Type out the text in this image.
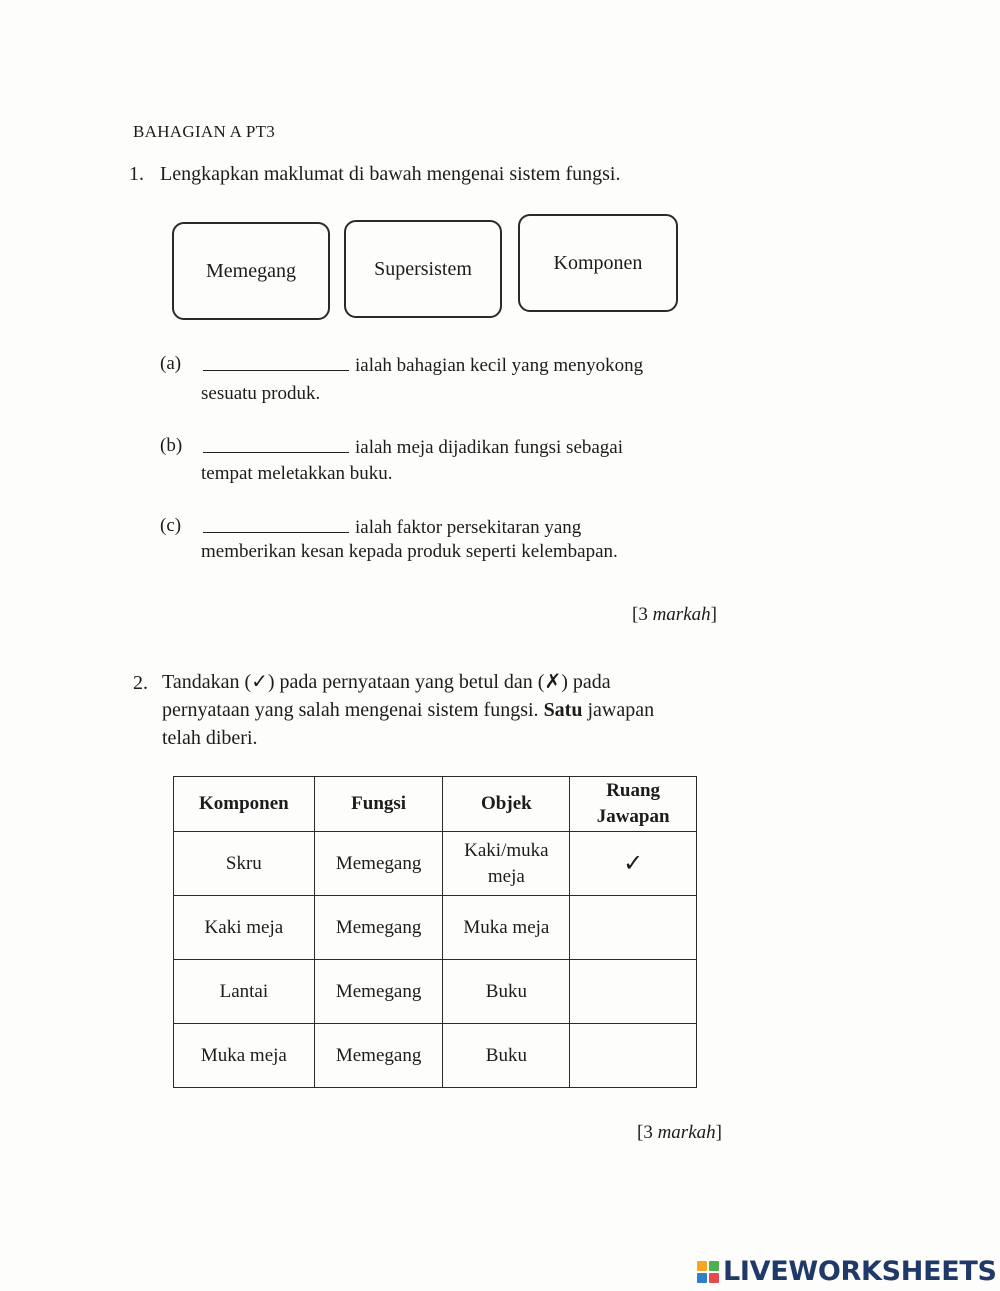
BAHAGIAN A PT3
1. Lengkapkan maklumat di bawah mengenai sistem fungsi.
Memegang	Supersistem	Komponen
(a)	ialah bahagian kecil yang menyokong
sesuatu produk.
(b)	ialah meja dijadikan fungsi sebagai
tempat meletakkan buku.
(c)	ialah faktor persekitaran yang
memberikan kesan kepada produk seperti kelembapan.
[3 markah]
2. Tandakan (✓) pada pernyataan yang betul dan (✗) pada
pernyataan yang salah mengenai sistem fungsi. Satu jawapan
telah diberi.
Komponen	Fungsi	Objek	Ruang Jawapan
Skru	Memegang	Kaki/muka meja	✓
Kaki meja	Memegang	Muka meja	
Lantai	Memegang	Buku	
Muka meja	Memegang	Buku	
[3 markah]
LIVEWORKSHEETS
